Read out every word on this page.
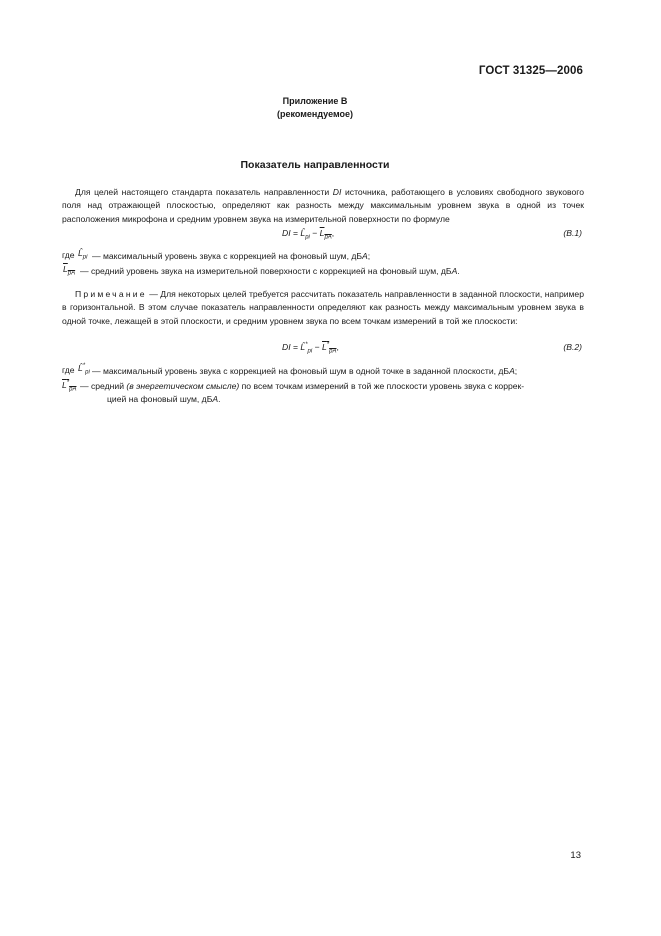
ГОСТ 31325—2006
Приложение В
(рекомендуемое)
Показатель направленности

Для целей настоящего стандарта показатель направленности DI источника, работающего в условиях свободного звукового поля над отражающей плоскостью, определяют как разность между максимальным уровнем звука в одной из точек расположения микрофона и средним уровнем звука на измерительной поверхности по формуле

DI = $L̂_{pi} - L_{pA}$,	(В.1)
где $L̂_{pi}$ — максимальный уровень звука с коррекцией на фоновый шум, дБА;
$L_{pA}$ — средний уровень звука на измерительной поверхности с коррекцией на фоновый шум, дБА.

Примечание — Для некоторых целей требуется рассчитать показатель направленности в заданной плоскости, например в горизонтальной. В этом случае показатель направленности определяют как разность между максимальным уровнем звука в одной точке, лежащей в этой плоскости, и средним уровнем звука по всем точкам измерений в той же плоскости:

DI = $L̂^*_{pi} - L^*_{pA}$,	(В.2)
где $L̂^*_{pi}$ — максимальный уровень звука с коррекцией на фоновый шум в одной точке в заданной плоскости, дБА;
$L^*_{pA}$ — средний (в энергетическом смысле) по всем точкам измерений в той же плоскости уровень звука с коррек-
цией на фоновый шум, дБА.
13
